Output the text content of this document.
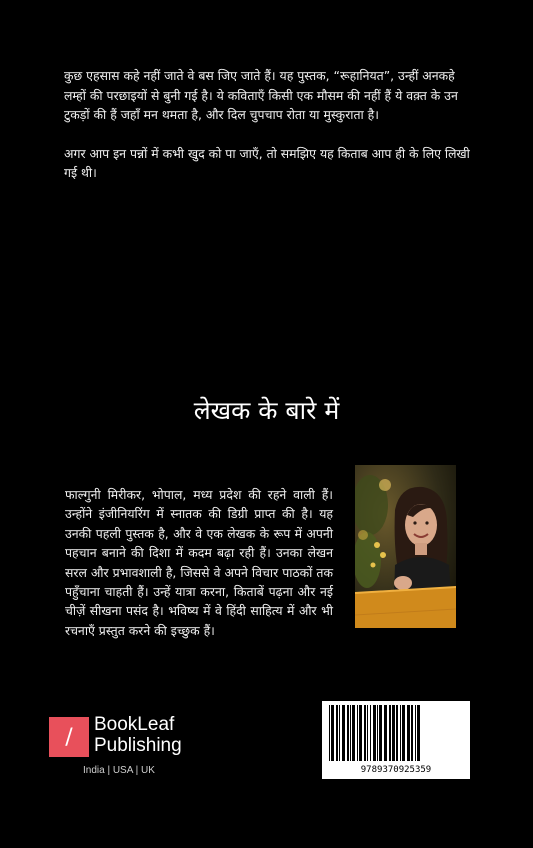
कुछ एहसास कहे नहीं जाते वे बस जिए जाते हैं। यह पुस्तक, “रूहानियत”, उन्हीं अनकहे लम्हों की परछाइयों से बुनी गई है। ये कविताएँ किसी एक मौसम की नहीं हैं ये वक़्त के उन टुकड़ों की हैं जहाँ मन थमता है, और दिल चुपचाप रोता या मुस्कुराता है।

अगर आप इन पन्नों में कभी खुद को पा जाएँ, तो समझिए यह किताब आप ही के लिए लिखी गई थी।

लेखक के बारे में

फाल्गुनी मिरीकर, भोपाल, मध्य प्रदेश की रहने वाली हैं। उन्होंने इंजीनियरिंग में स्नातक की डिग्री प्राप्त की है। यह उनकी पहली पुस्तक है, और वे एक लेखक के रूप में अपनी पहचान बनाने की दिशा में कदम बढ़ा रही हैं। उनका लेखन सरल और प्रभावशाली है, जिससे वे अपने विचार पाठकों तक पहुँचाना चाहती हैं। उन्हें यात्रा करना, किताबें पढ़ना और नई चीज़ें सीखना पसंद है। भविष्य में वे हिंदी साहित्य में और भी रचनाएँ प्रस्तुत करने की इच्छुक हैं।

/ BookLeaf
Publishing
India | USA | UK	9789370925359
